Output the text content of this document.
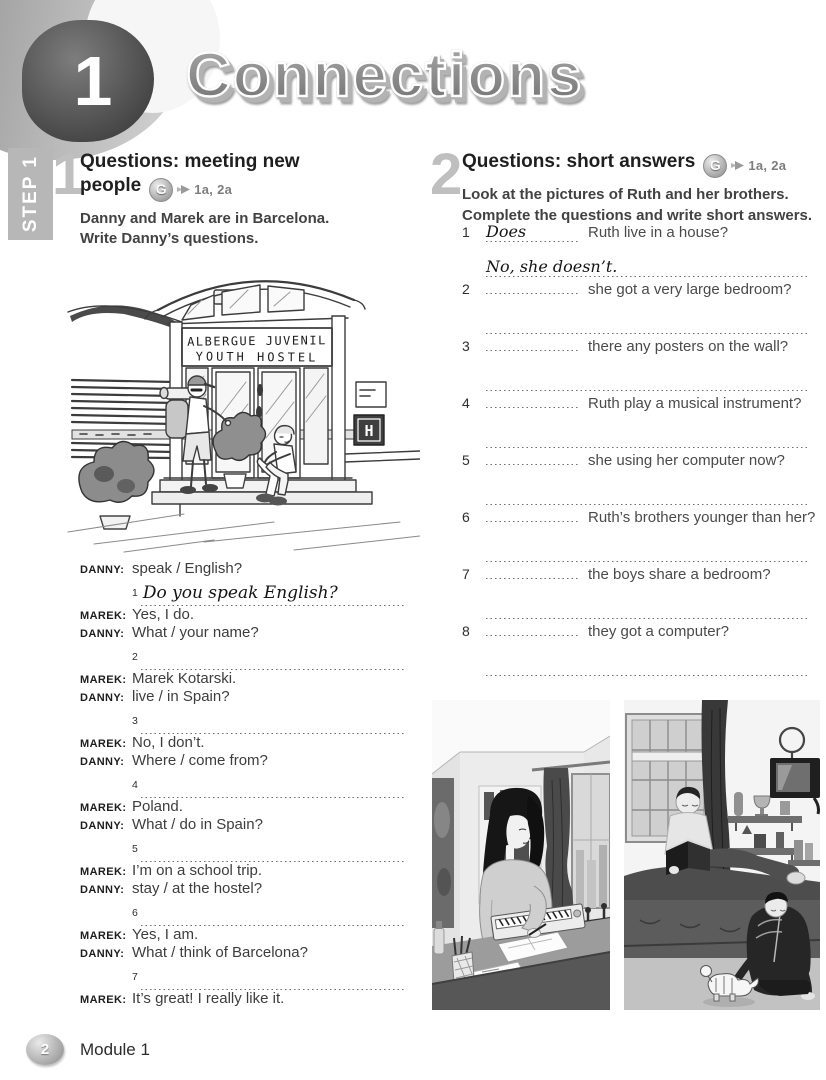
1 Connections
STEP 1 1
Questions: meeting new
people	G	1a, 2a

Danny and Marek are in Barcelona.
Write Danny’s questions.

ALBERGUE JUVENIL
YOUTH HOSTEL
H
DANNY: speak / English?
1 Do you speak English?
MAREK: Yes, I do.
DANNY: What / your name?
2
MAREK: Marek Kotarski.
DANNY: live / in Spain?
3
MAREK: No, I don’t.
DANNY: Where / come from?
4
MAREK: Poland.
DANNY: What / do in Spain?
5
MAREK: I’m on a school trip.
DANNY: stay / at the hostel?
6
MAREK: Yes, I am.
DANNY: What / think of Barcelona?
7
MAREK: It’s great! I really like it.
2 Questions: short answers	G	1a, 2a

Look at the pictures of Ruth and her brothers.
Complete the questions and write short answers.

1	Does	Ruth live in a house?
No, she doesn’t.
2	she got a very large bedroom?
3	there any posters on the wall?
4	Ruth play a musical instrument?
5	she using her computer now?
6	Ruth’s brothers younger than her?
7	the boys share a bedroom?
8	they got a computer?
2 Module 1
